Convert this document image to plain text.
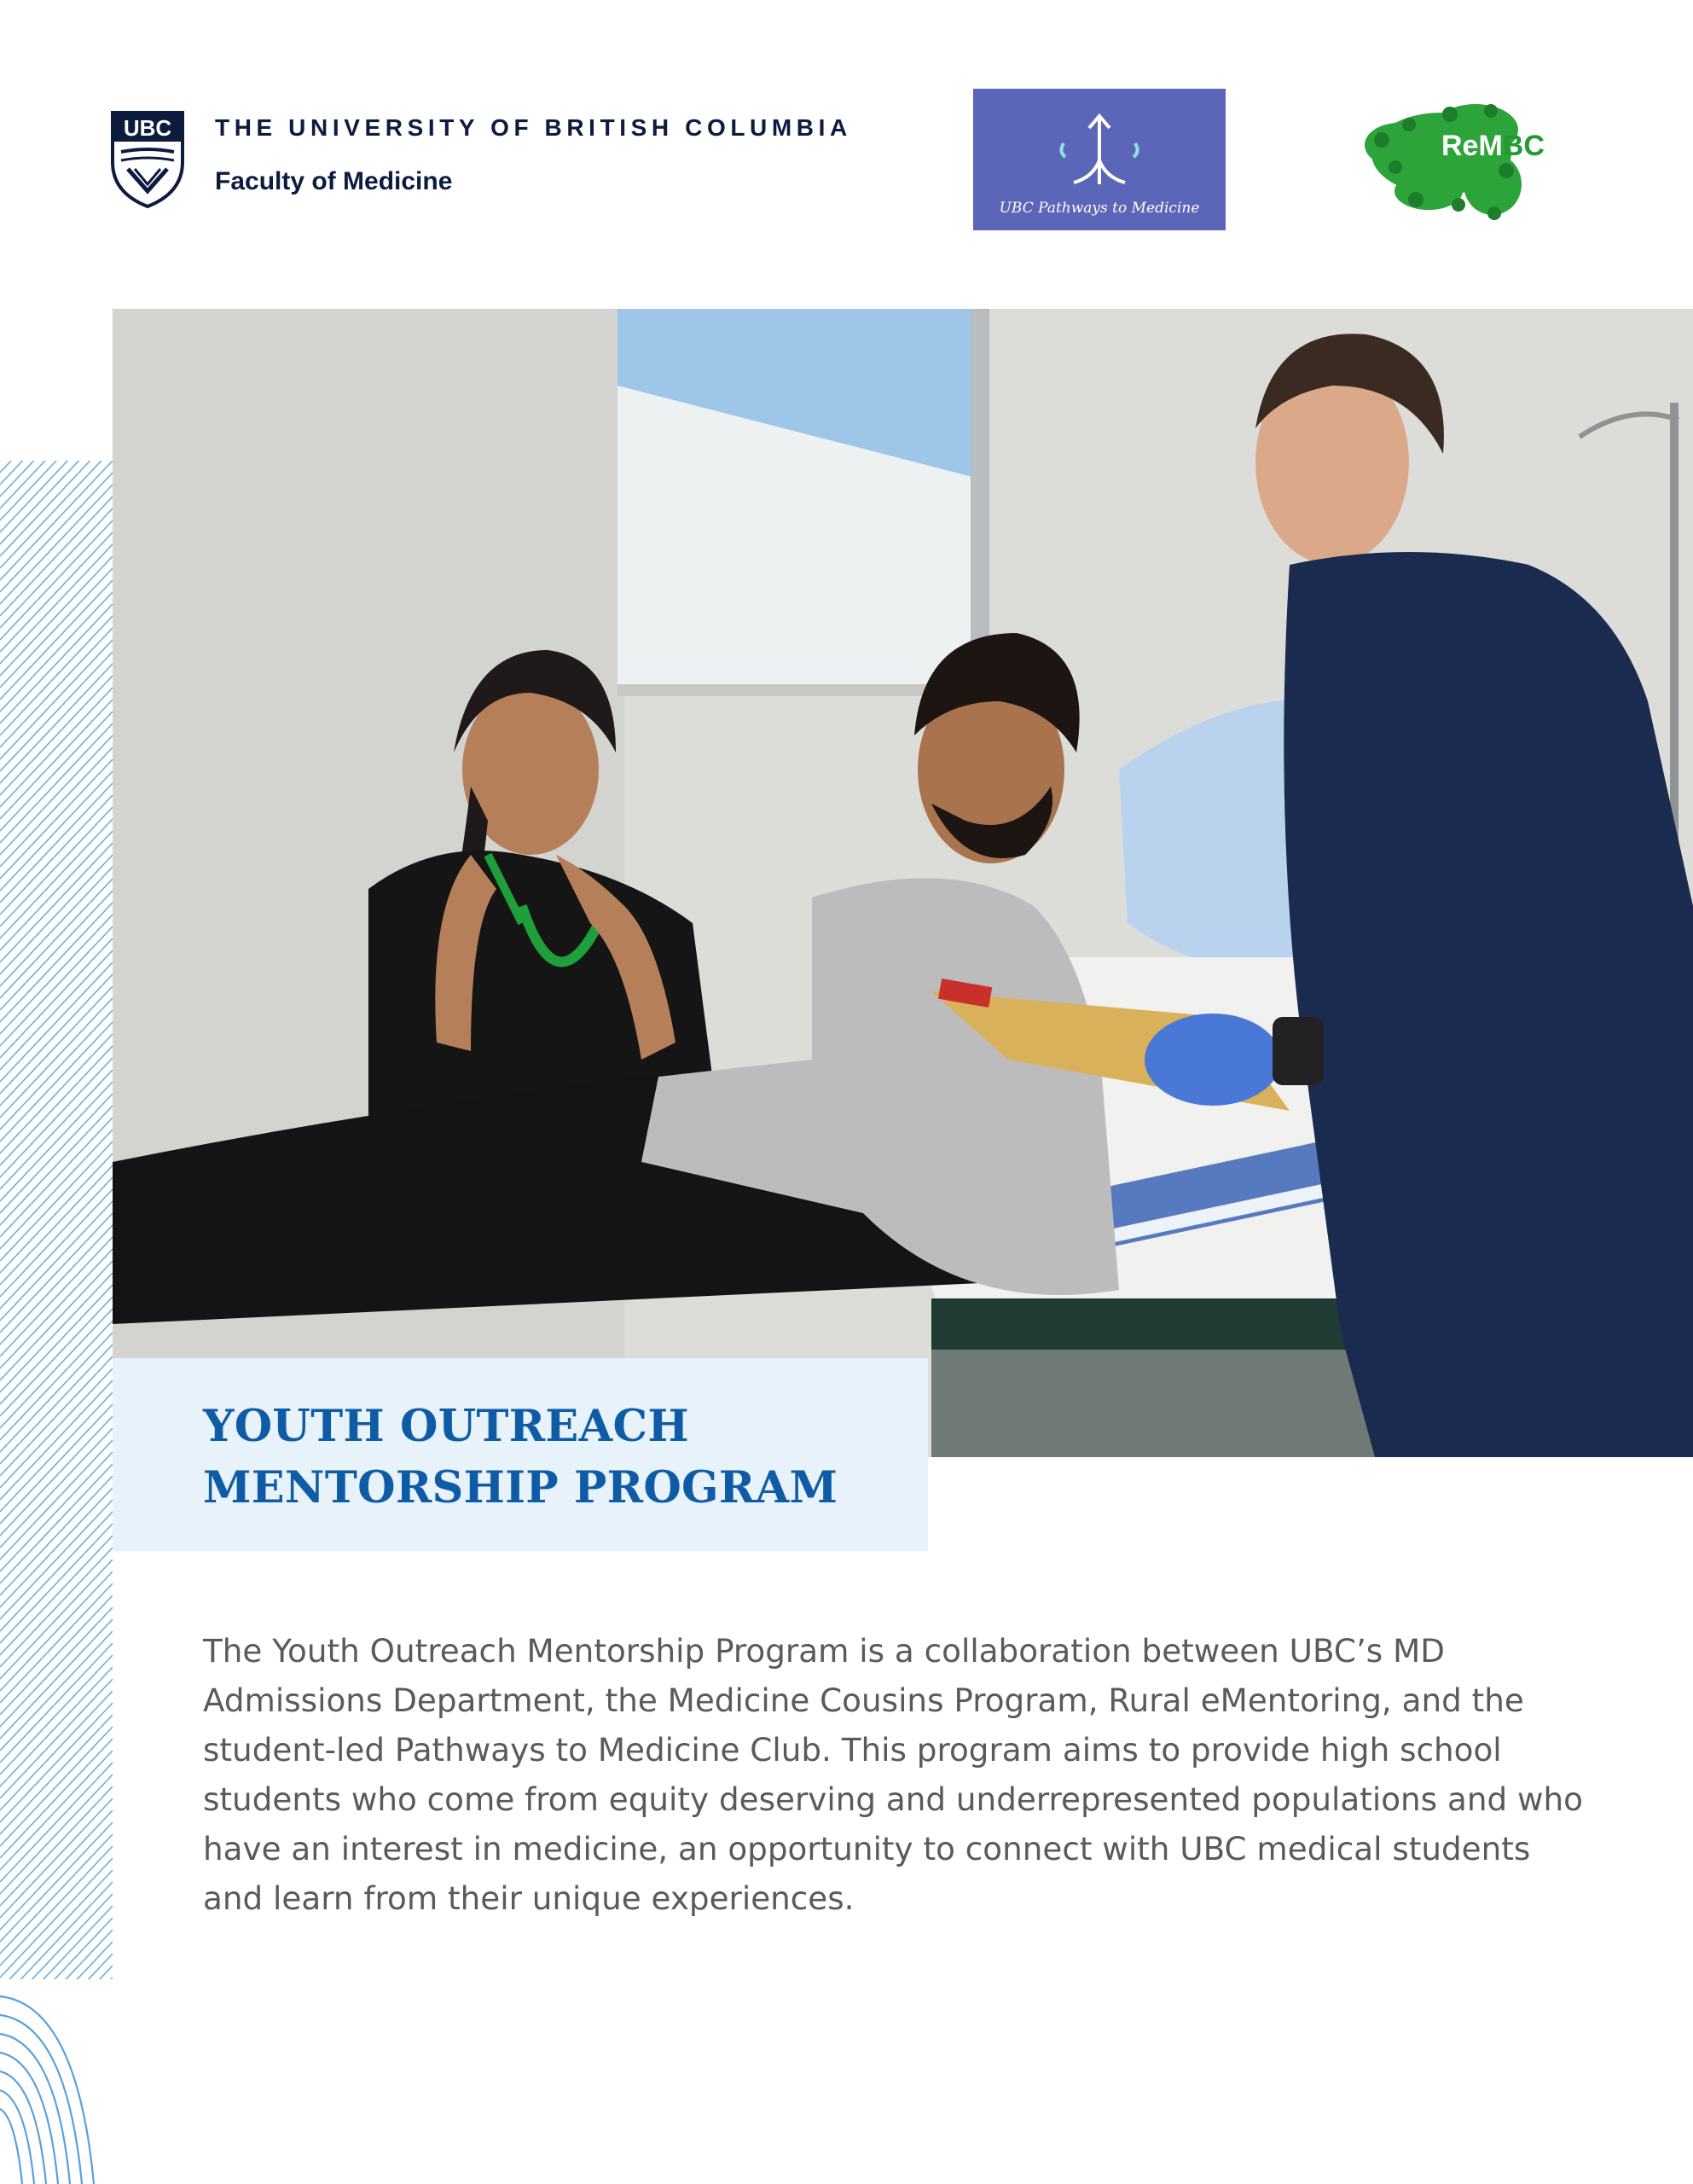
UBC THE UNIVERSITY OF BRITISH COLUMBIA
Faculty of Medicine
UBC Pathways to Medicine
ReMBC
YOUTH OUTREACH
MENTORSHIP PROGRAM

The Youth Outreach Mentorship Program is a collaboration between UBC’s MD Admissions Department, the Medicine Cousins Program, Rural eMentoring, and the student-led Pathways to Medicine Club. This program aims to provide high school students who come from equity deserving and underrepresented populations and who have an interest in medicine, an opportunity to connect with UBC medical students and learn from their unique experiences.
